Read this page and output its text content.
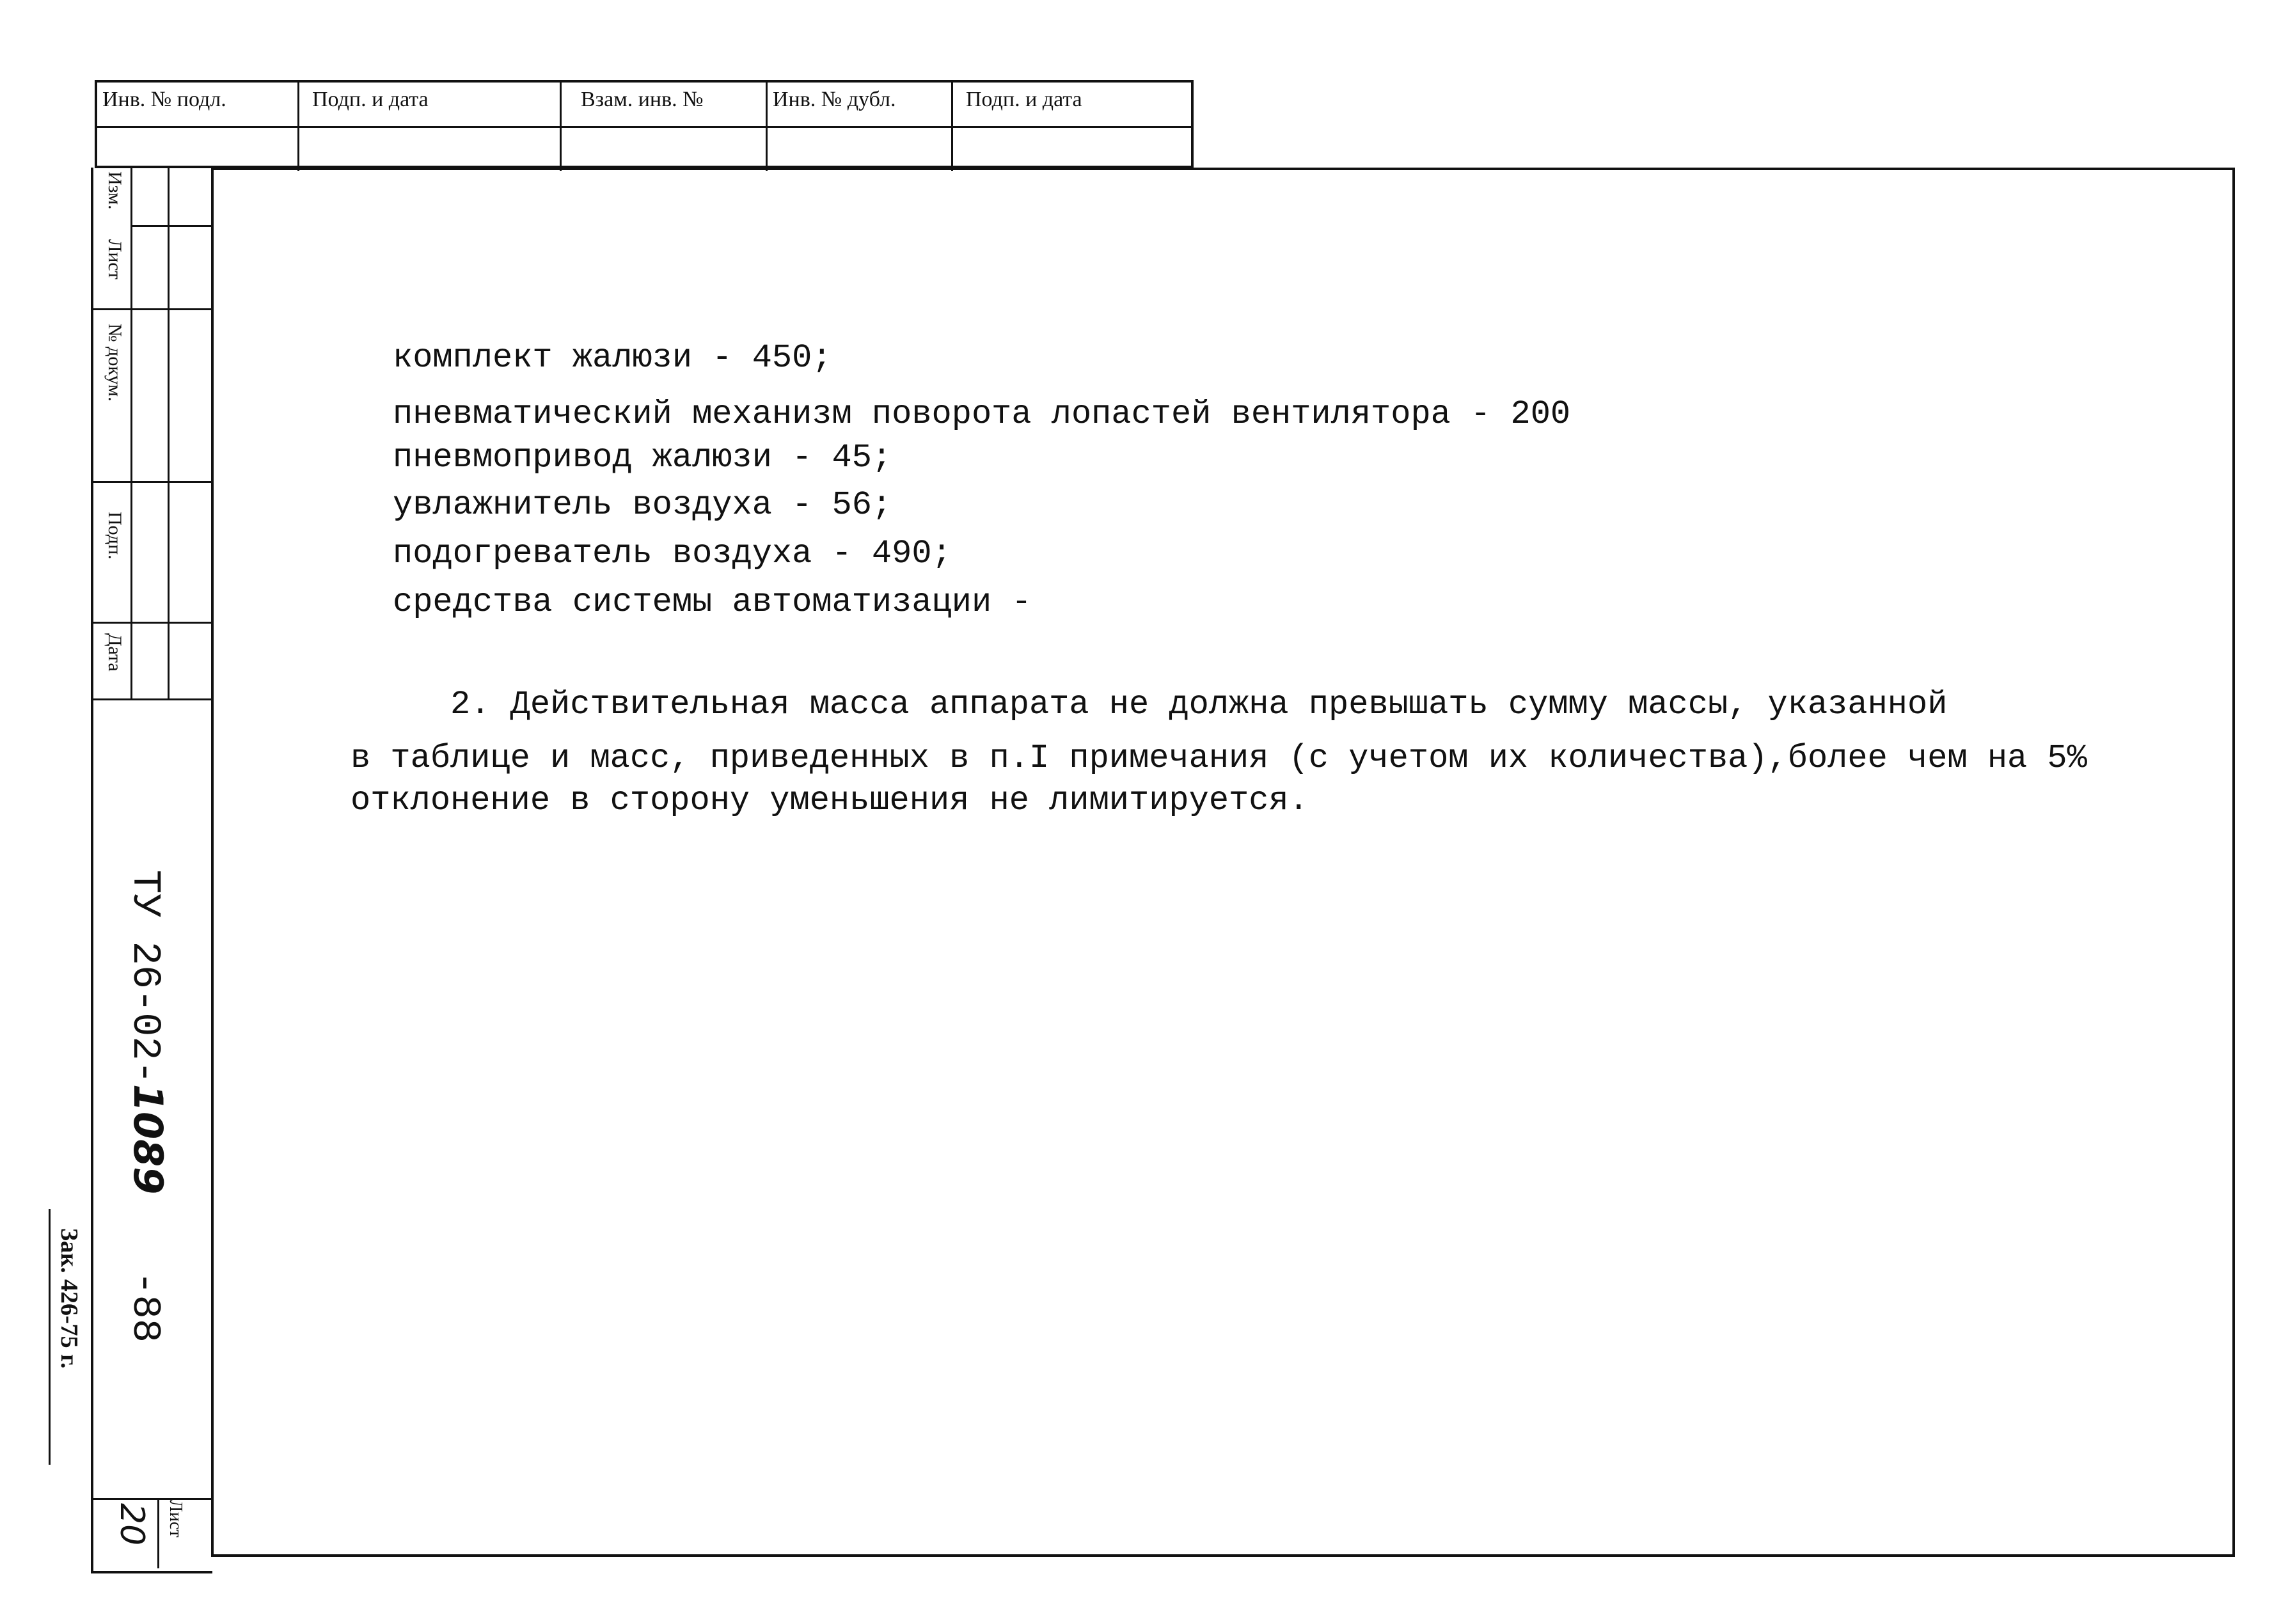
Инв. № подл.	Подп. и дата	Взам. инв. №	Инв. № дубл.	Подп. и дата
Изм.
Лист
№ докум.
Подп.
Дата
ТУ 26-02-1089-88
Зак. 426-75 г.
Лист
20
комплект жалюзи - 450;
пневматический механизм поворота лопастей вентилятора - 200
пневмопривод жалюзи - 45;
увлажнитель воздуха - 56;
подогреватель воздуха - 490;
средства системы автоматизации -
2. Действительная масса аппарата не должна превышать сумму массы, указанной
в таблице и масс, приведенных в п.I примечания (с учетом их количества),более чем на 5%
отклонение в сторону уменьшения не лимитируется.
